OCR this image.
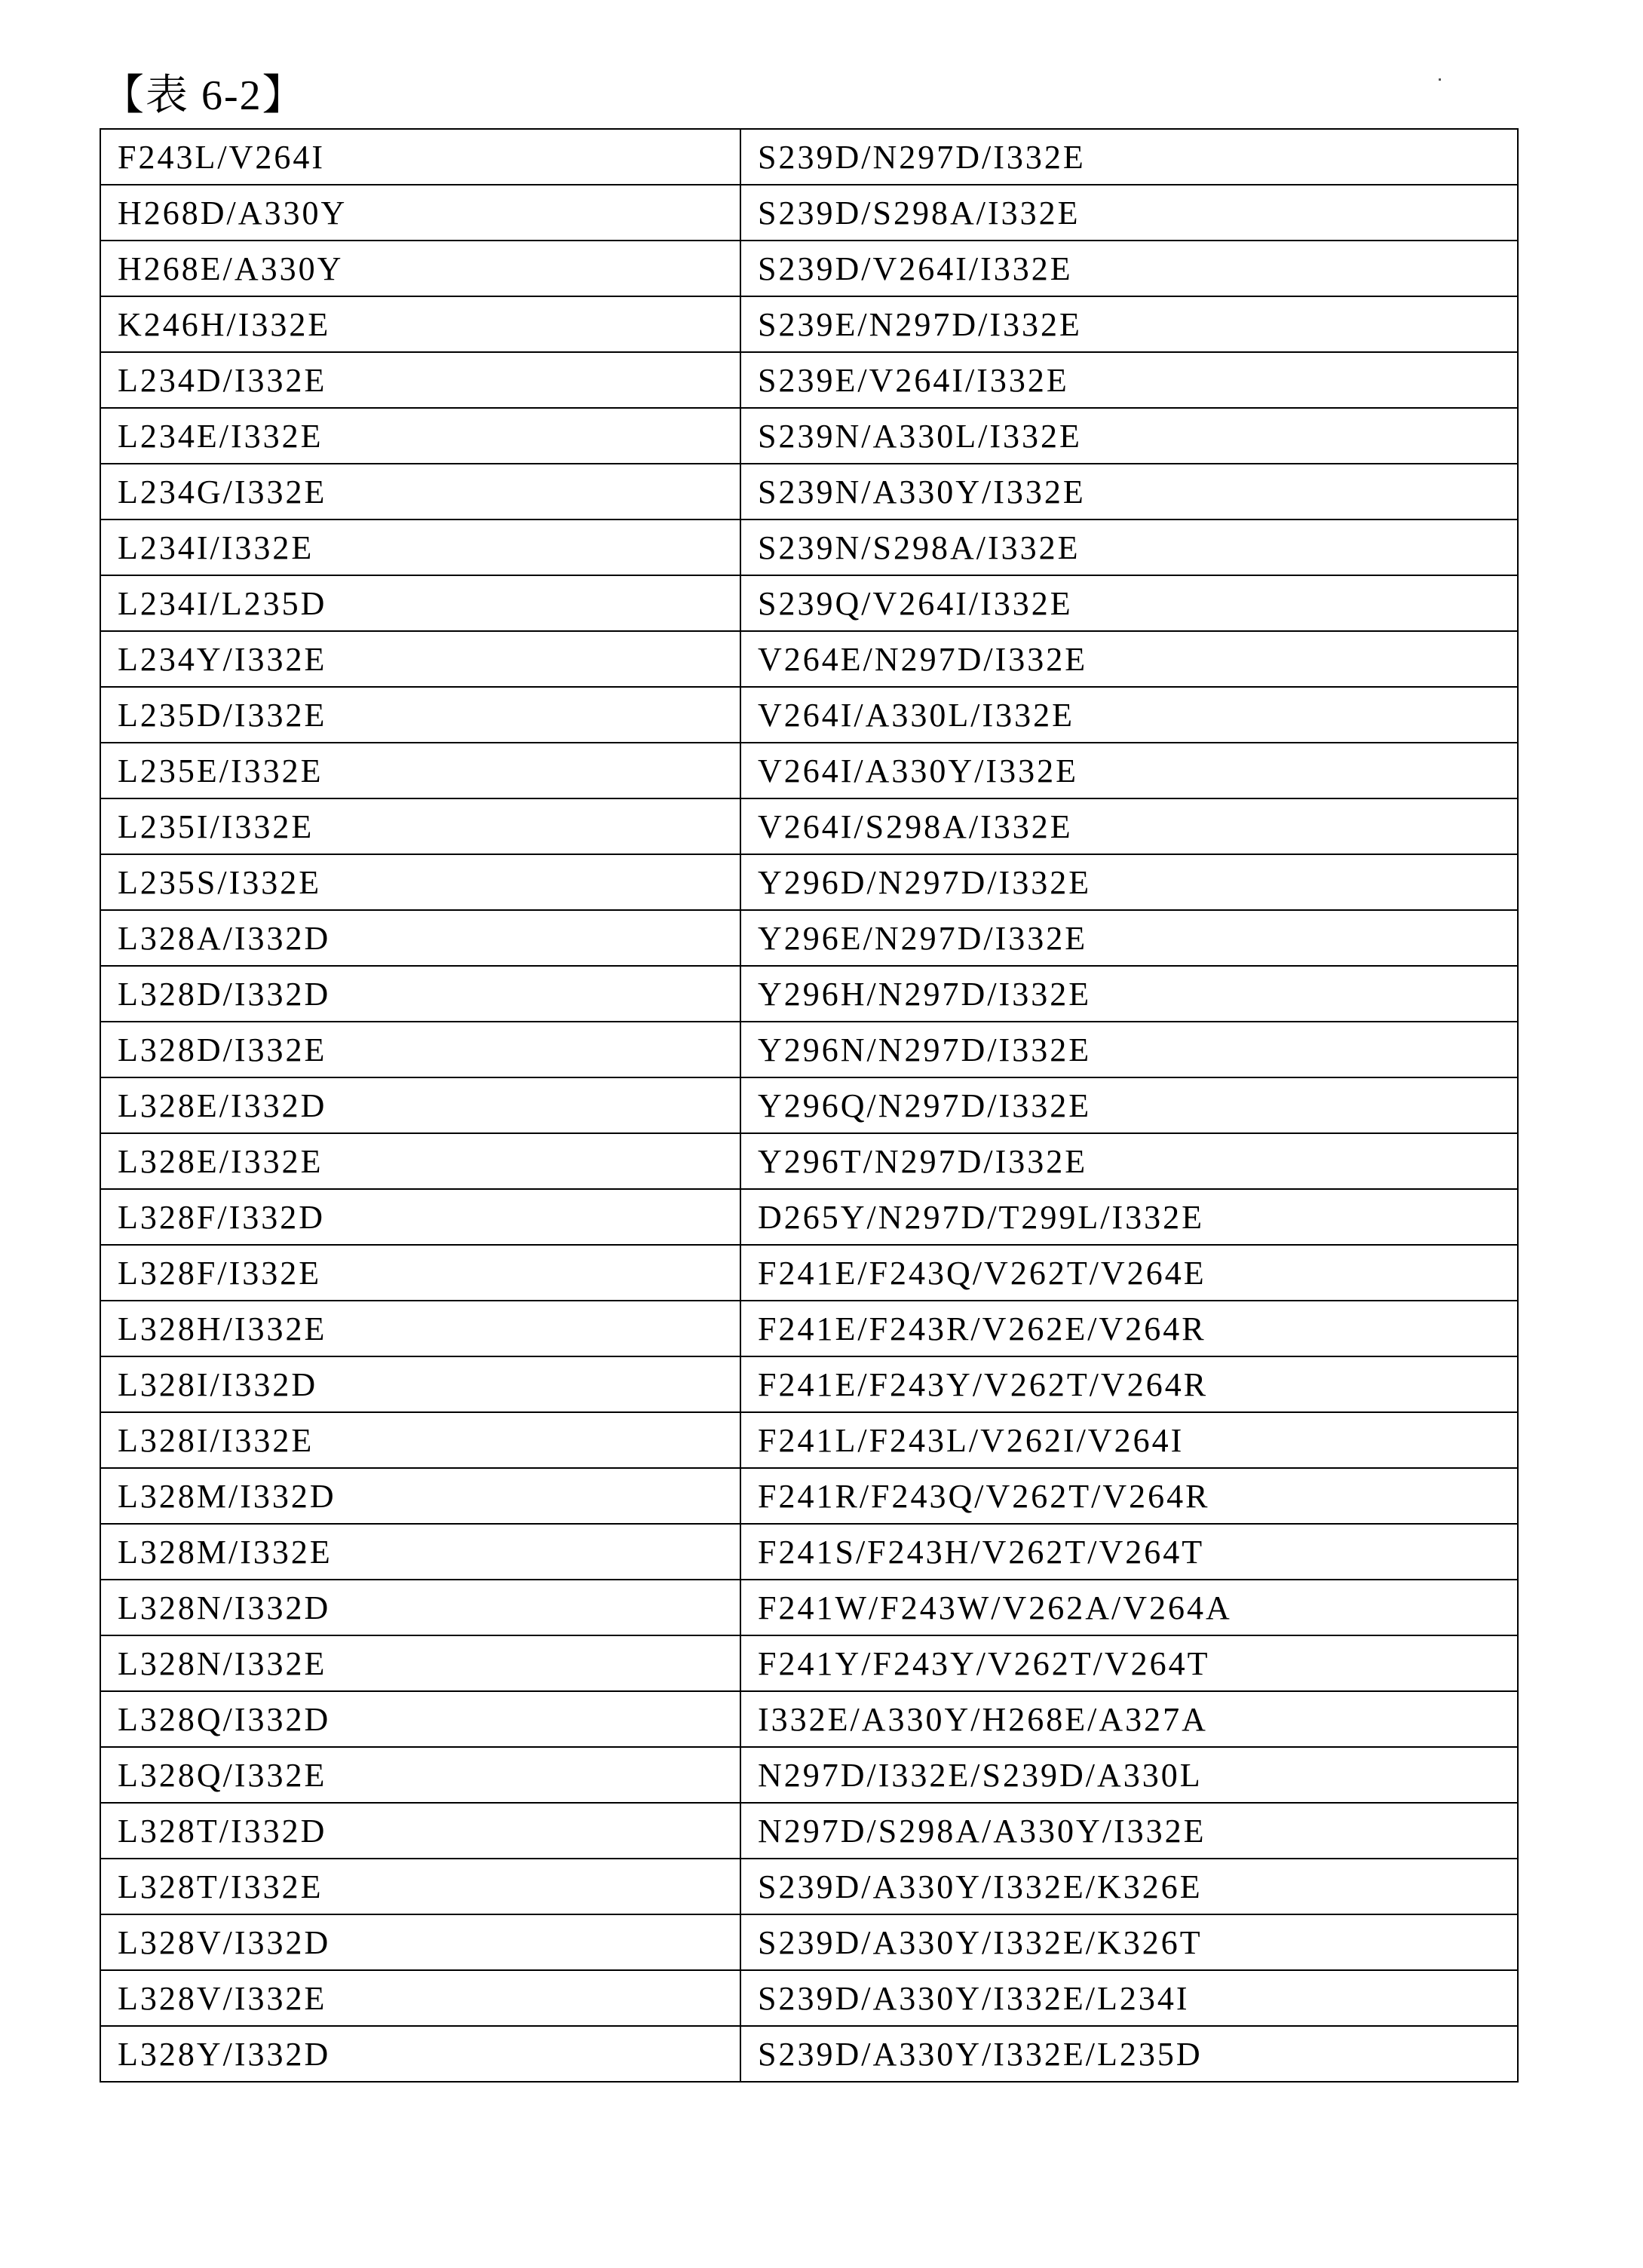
【表 6-2】
F243L/V264I	S239D/N297D/I332E
H268D/A330Y	S239D/S298A/I332E
H268E/A330Y	S239D/V264I/I332E
K246H/I332E	S239E/N297D/I332E
L234D/I332E	S239E/V264I/I332E
L234E/I332E	S239N/A330L/I332E
L234G/I332E	S239N/A330Y/I332E
L234I/I332E	S239N/S298A/I332E
L234I/L235D	S239Q/V264I/I332E
L234Y/I332E	V264E/N297D/I332E
L235D/I332E	V264I/A330L/I332E
L235E/I332E	V264I/A330Y/I332E
L235I/I332E	V264I/S298A/I332E
L235S/I332E	Y296D/N297D/I332E
L328A/I332D	Y296E/N297D/I332E
L328D/I332D	Y296H/N297D/I332E
L328D/I332E	Y296N/N297D/I332E
L328E/I332D	Y296Q/N297D/I332E
L328E/I332E	Y296T/N297D/I332E
L328F/I332D	D265Y/N297D/T299L/I332E
L328F/I332E	F241E/F243Q/V262T/V264E
L328H/I332E	F241E/F243R/V262E/V264R
L328I/I332D	F241E/F243Y/V262T/V264R
L328I/I332E	F241L/F243L/V262I/V264I
L328M/I332D	F241R/F243Q/V262T/V264R
L328M/I332E	F241S/F243H/V262T/V264T
L328N/I332D	F241W/F243W/V262A/V264A
L328N/I332E	F241Y/F243Y/V262T/V264T
L328Q/I332D	I332E/A330Y/H268E/A327A
L328Q/I332E	N297D/I332E/S239D/A330L
L328T/I332D	N297D/S298A/A330Y/I332E
L328T/I332E	S239D/A330Y/I332E/K326E
L328V/I332D	S239D/A330Y/I332E/K326T
L328V/I332E	S239D/A330Y/I332E/L234I
L328Y/I332D	S239D/A330Y/I332E/L235D
